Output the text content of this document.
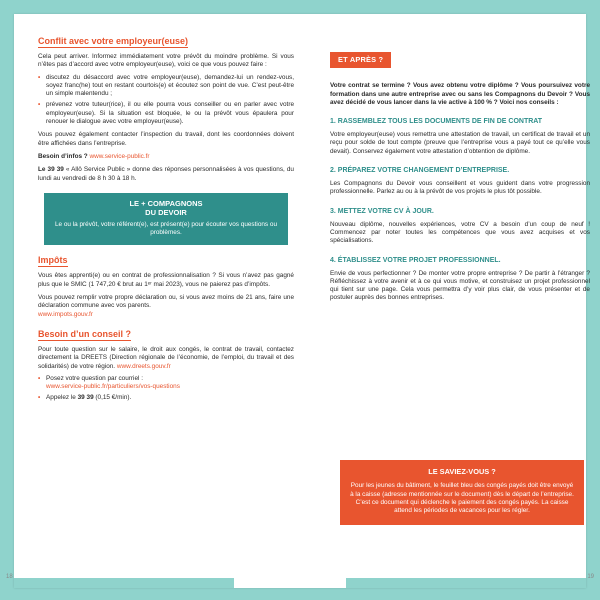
Conflit avec votre employeur(euse)

Cela peut arriver. Informez immédiatement votre prévôt du moindre problème. Si vous n’êtes pas d’accord avec votre employeur(euse), voici ce que vous pouvez faire :

• discutez du désaccord avec votre employeur(euse), demandez-lui un rendez-vous, soyez franc(he) tout en restant courtois(e) et écoutez son point de vue. C’est peut-être un simple malentendu ;
• prévenez votre tuteur(rice), il ou elle pourra vous conseiller ou en parler avec votre employeur(euse). Si la situation est bloquée, le ou la prévôt vous épaulera pour renouer le dialogue avec votre employeur(euse).

Vous pouvez également contacter l’inspection du travail, dont les coordonnées doivent être affichées dans l’entreprise.

Besoin d’infos ? www.service-public.fr

Le 39 39 « Allô Service Public » donne des réponses personnalisées à vos questions, du lundi au vendredi de 8 h 30 à 18 h.

LE + COMPAGNONS
DU DEVOIR
Le ou la prévôt, votre référent(e), est présent(e) pour écouter vos questions ou problèmes.
Impôts

Vous êtes apprenti(e) ou en contrat de professionnalisation ? Si vous n’avez pas gagné plus que le SMIC (1 747,20 € brut au 1ᵉʳ mai 2023), vous ne paierez pas d’impôts.

Vous pouvez remplir votre propre déclaration ou, si vous avez moins de 21 ans, faire une déclaration commune avec vos parents.
www.impots.gouv.fr

Besoin d’un conseil ?

Pour toute question sur le salaire, le droit aux congés, le contrat de travail, contactez directement la DREETS (Direction régionale de l’économie, de l’emploi, du travail et des solidarités) de votre région. www.dreets.gouv.fr

• Posez votre question par courriel :
www.service-public.fr/particuliers/vos-questions
• Appelez le 39 39 (0,15 €/min).
ET APRÈS ?

Votre contrat se termine ? Vous avez obtenu votre diplôme ? Vous poursuivez votre formation dans une autre entreprise avec ou sans les Compagnons du Devoir ? Vous avez décidé de vous lancer dans la vie active à 100 % ? Voici nos conseils :

1. RASSEMBLEZ TOUS LES DOCUMENTS DE FIN DE CONTRAT

Votre employeur(euse) vous remettra une attestation de travail, un certificat de travail et un reçu pour solde de tout compte (preuve que l’entreprise vous a payé tout ce qu’elle vous devait). Conservez également votre attestation d’obtention de diplôme.

2. PRÉPAREZ VOTRE CHANGEMENT D’ENTREPRISE.

Les Compagnons du Devoir vous conseillent et vous guident dans votre progression professionnelle. Parlez au ou à la prévôt de vos projets le plus tôt possible.

3. METTEZ VOTRE CV À JOUR.

Nouveau diplôme, nouvelles expériences, votre CV a besoin d’un coup de neuf ! Commencez par noter toutes les compétences que vous avez acquises et vos spécialisations.

4. ÉTABLISSEZ VOTRE PROJET PROFESSIONNEL.

Envie de vous perfectionner ? De monter votre propre entreprise ? De partir à l’étranger ? Réfléchissez à votre avenir et à ce qui vous motive, et construisez un projet professionnel qui tient sur une page. Cela vous permettra d’y voir plus clair, de vous présenter et de postuler auprès des bonnes entreprises.

LE SAVIEZ-VOUS ?
Pour les jeunes du bâtiment, le feuillet bleu des congés payés doit être envoyé à la caisse (adresse mentionnée sur le document) dès le départ de l’entreprise. C’est ce document qui déclenche le paiement des congés payés. La caisse attend les périodes de vacances pour les régler.
18	19
